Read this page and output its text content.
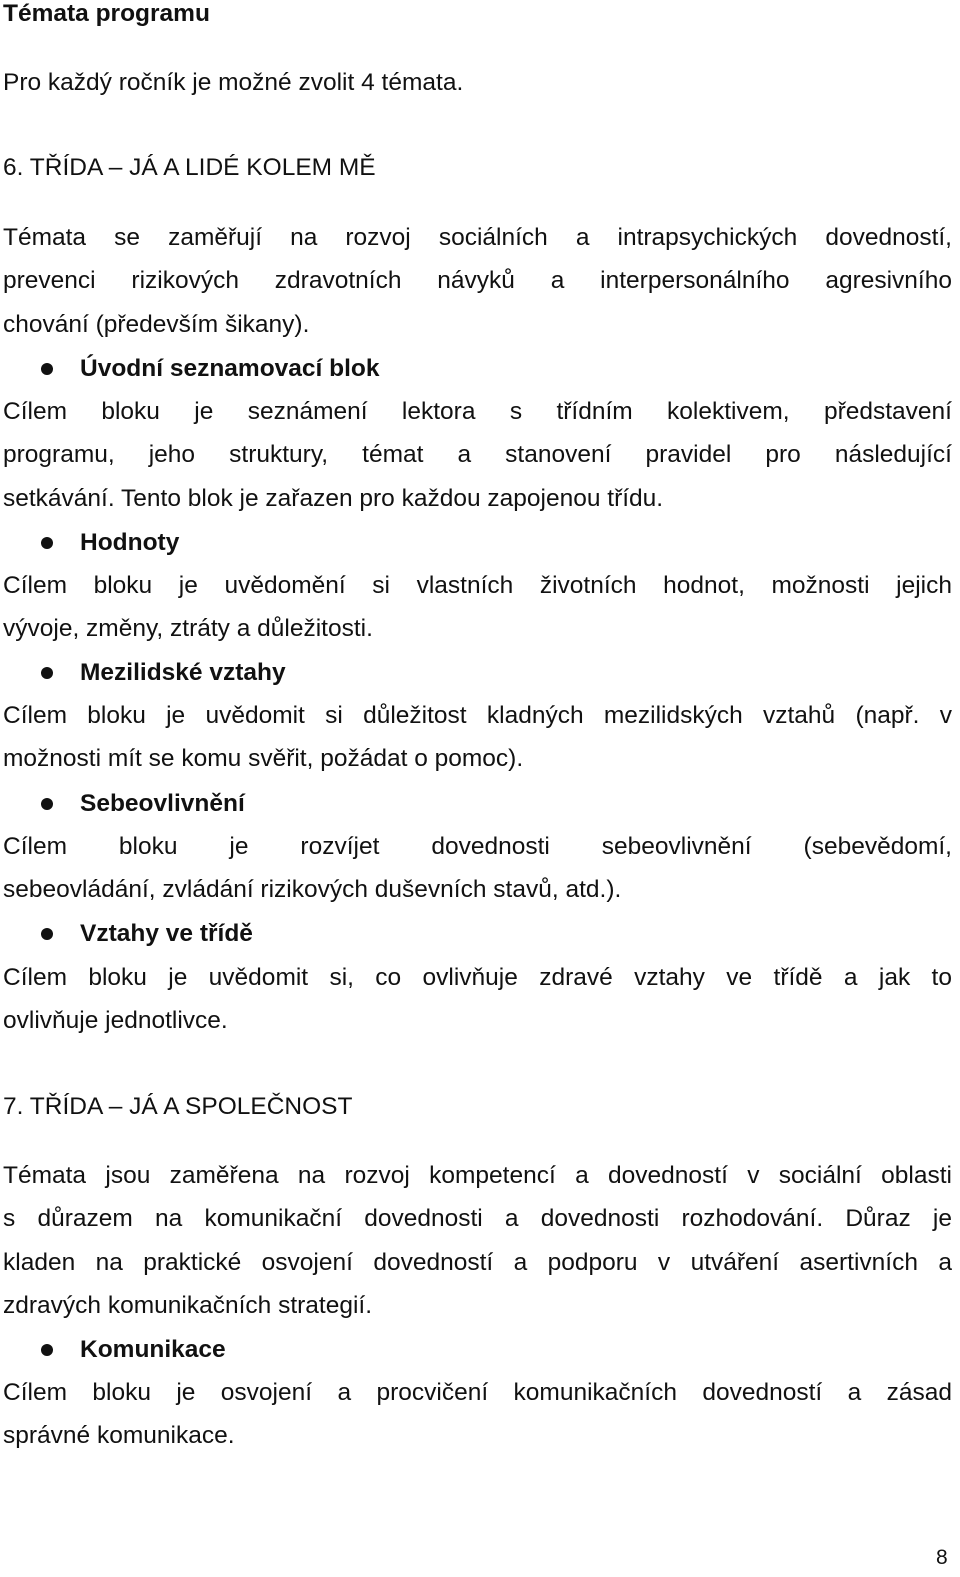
Témata programu

Pro každý ročník je možné zvolit 4 témata.

6. TŘÍDA – JÁ A LIDÉ KOLEM MĚ

Témata se zaměřují na rozvoj sociálních a intrapsychických dovedností,

prevenci rizikových zdravotních návyků a interpersonálního agresivního

chování (především šikany).

Úvodní seznamovací blok

Cílem bloku je seznámení lektora s třídním kolektivem, představení

programu, jeho struktury, témat a stanovení pravidel pro následující

setkávání. Tento blok je zařazen pro každou zapojenou třídu.

Hodnoty

Cílem bloku je uvědomění si vlastních životních hodnot, možnosti jejich

vývoje, změny, ztráty a důležitosti.

Mezilidské vztahy

Cílem bloku je uvědomit si důležitost kladných mezilidských vztahů (např. v

možnosti mít se komu svěřit, požádat o pomoc).

Sebeovlivnění

Cílem bloku je rozvíjet dovednosti sebeovlivnění (sebevědomí,

sebeovládání, zvládání rizikových duševních stavů, atd.).

Vztahy ve třídě

Cílem bloku je uvědomit si, co ovlivňuje zdravé vztahy ve třídě a jak to

ovlivňuje jednotlivce.

7. TŘÍDA – JÁ A SPOLEČNOST

Témata jsou zaměřena na rozvoj kompetencí a dovedností v sociální oblasti

s důrazem na komunikační dovednosti a dovednosti rozhodování. Důraz je

kladen na praktické osvojení dovedností a podporu v utváření asertivních a

zdravých komunikačních strategií.

Komunikace

Cílem bloku je osvojení a procvičení komunikačních dovedností a zásad

správné komunikace.

8
